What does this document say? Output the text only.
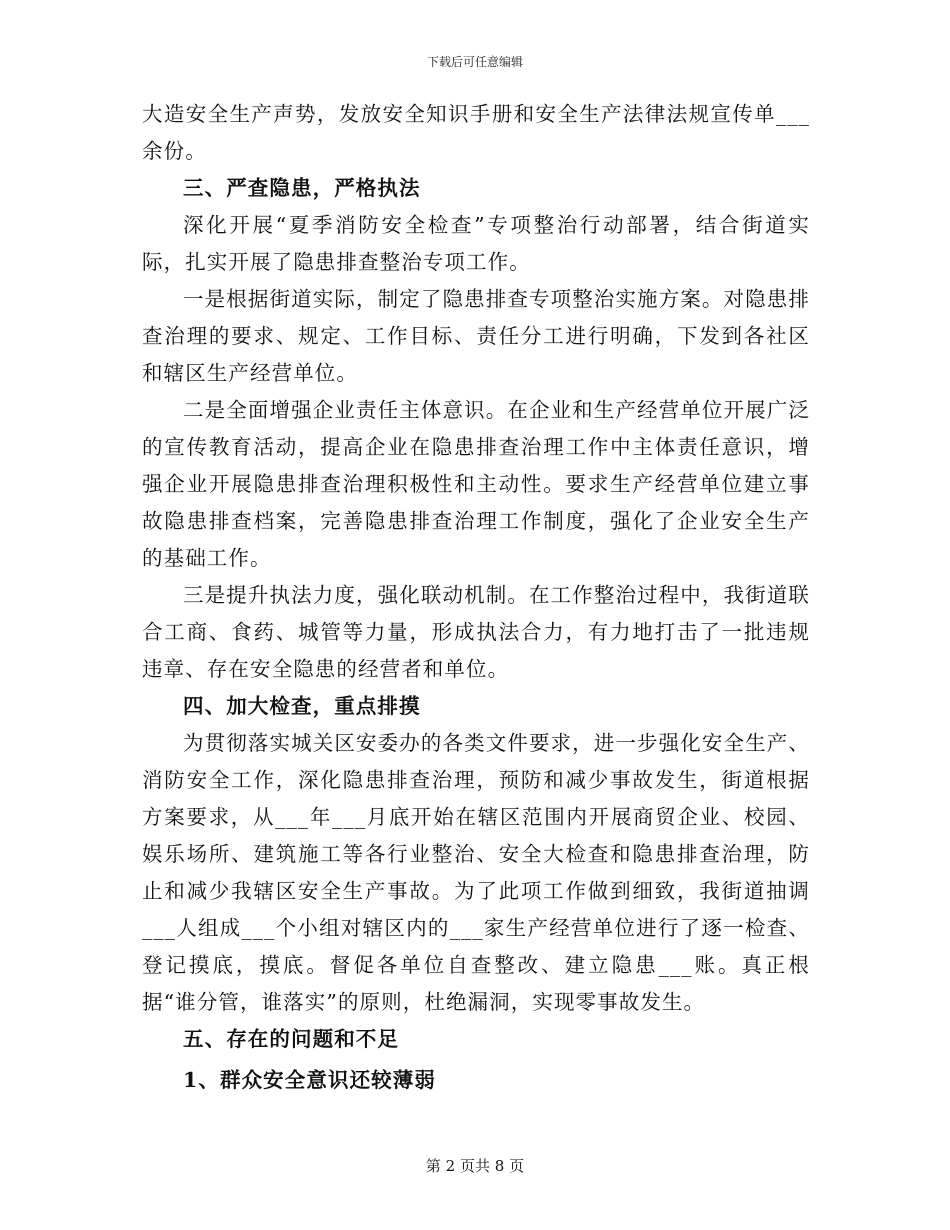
下载后可任意编辑

大造安全生产声势，发放安全知识手册和安全生产法律法规宣传单___余份。

三、严查隐患，严格执法

深化开展“夏季消防安全检查”专项整治行动部署，结合街道实际，扎实开展了隐患排查整治专项工作。

一是根据街道实际，制定了隐患排查专项整治实施方案。对隐患排查治理的要求、规定、工作目标、责任分工进行明确，下发到各社区和辖区生产经营单位。

二是全面增强企业责任主体意识。在企业和生产经营单位开展广泛的宣传教育活动，提高企业在隐患排查治理工作中主体责任意识，增强企业开展隐患排查治理积极性和主动性。要求生产经营单位建立事故隐患排查档案，完善隐患排查治理工作制度，强化了企业安全生产的基础工作。

三是提升执法力度，强化联动机制。在工作整治过程中，我街道联合工商、食药、城管等力量，形成执法合力，有力地打击了一批违规违章、存在安全隐患的经营者和单位。

四、加大检查，重点排摸

为贯彻落实城关区安委办的各类文件要求，进一步强化安全生产、消防安全工作，深化隐患排查治理，预防和减少事故发生，街道根据方案要求，从___年___月底开始在辖区范围内开展商贸企业、校园、娱乐场所、建筑施工等各行业整治、安全大检查和隐患排查治理，防止和减少我辖区安全生产事故。为了此项工作做到细致，我街道抽调___人组成___个小组对辖区内的___家生产经营单位进行了逐一检查、登记摸底，摸底。督促各单位自查整改、建立隐患___账。真正根据“谁分管，谁落实”的原则，杜绝漏洞，实现零事故发生。

五、存在的问题和不足

1、群众安全意识还较薄弱

第 2 页共 8 页
